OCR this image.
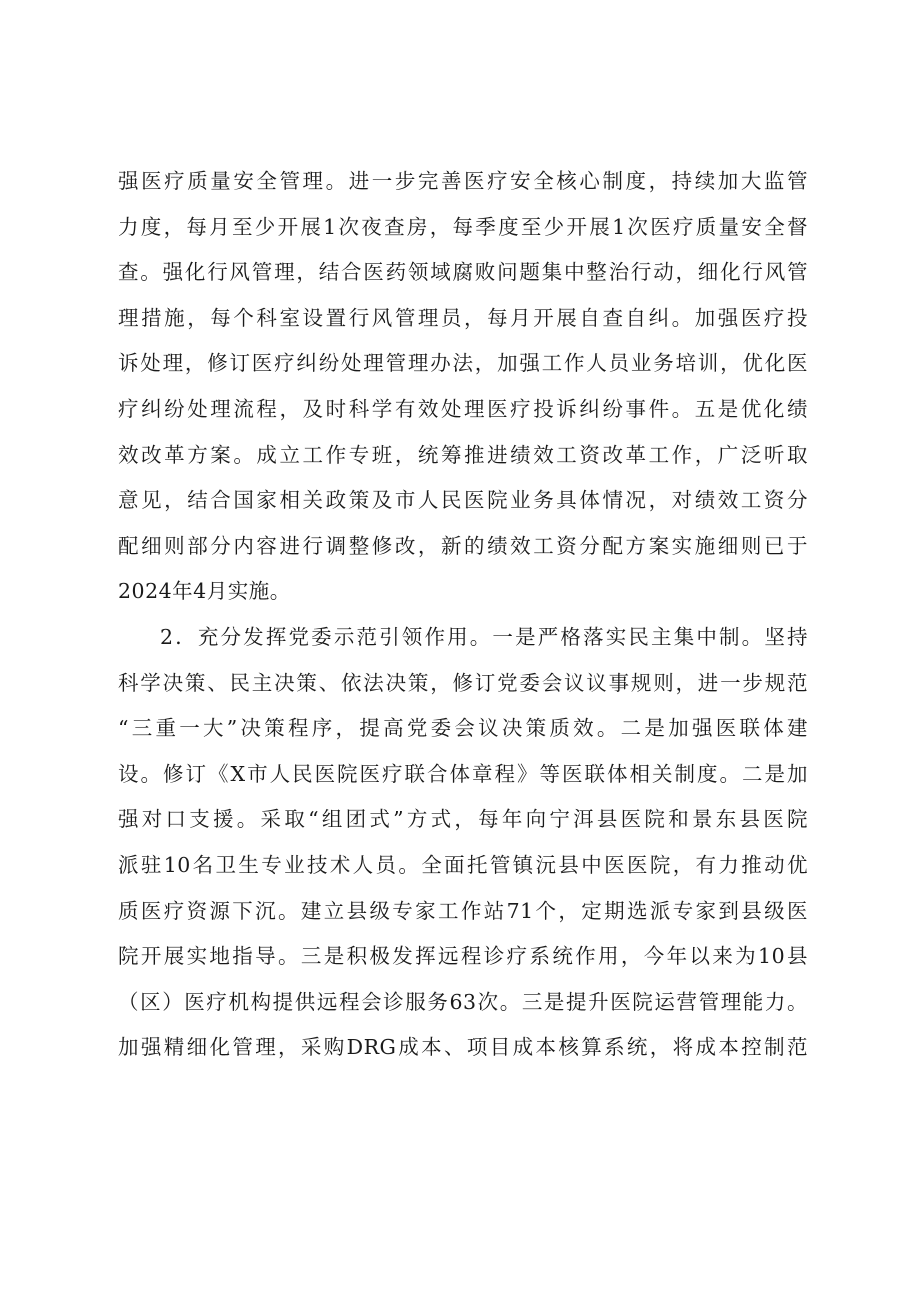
强医疗质量安全管理。进一步完善医疗安全核心制度，持续加大监管
力度，每月至少开展1次夜查房，每季度至少开展1次医疗质量安全督
查。强化行风管理，结合医药领域腐败问题集中整治行动，细化行风管
理措施，每个科室设置行风管理员，每月开展自查自纠。加强医疗投
诉处理，修订医疗纠纷处理管理办法，加强工作人员业务培训，优化医
疗纠纷处理流程，及时科学有效处理医疗投诉纠纷事件。五是优化绩
效改革方案。成立工作专班，统筹推进绩效工资改革工作，广泛听取
意见，结合国家相关政策及市人民医院业务具体情况，对绩效工资分
配细则部分内容进行调整修改，新的绩效工资分配方案实施细则已于
2024年4月实施。
2．充分发挥党委示范引领作用。一是严格落实民主集中制。坚持
科学决策、民主决策、依法决策，修订党委会议议事规则，进一步规范
“三重一大”决策程序，提高党委会议决策质效。二是加强医联体建
设。修订《X市人民医院医疗联合体章程》等医联体相关制度。二是加
强对口支援。采取“组团式”方式，每年向宁洱县医院和景东县医院
派驻10名卫生专业技术人员。全面托管镇沅县中医医院，有力推动优
质医疗资源下沉。建立县级专家工作站71个，定期选派专家到县级医
院开展实地指导。三是积极发挥远程诊疗系统作用，今年以来为10县
（区）医疗机构提供远程会诊服务63次。三是提升医院运营管理能力。
加强精细化管理，采购DRG成本、项目成本核算系统，将成本控制范
